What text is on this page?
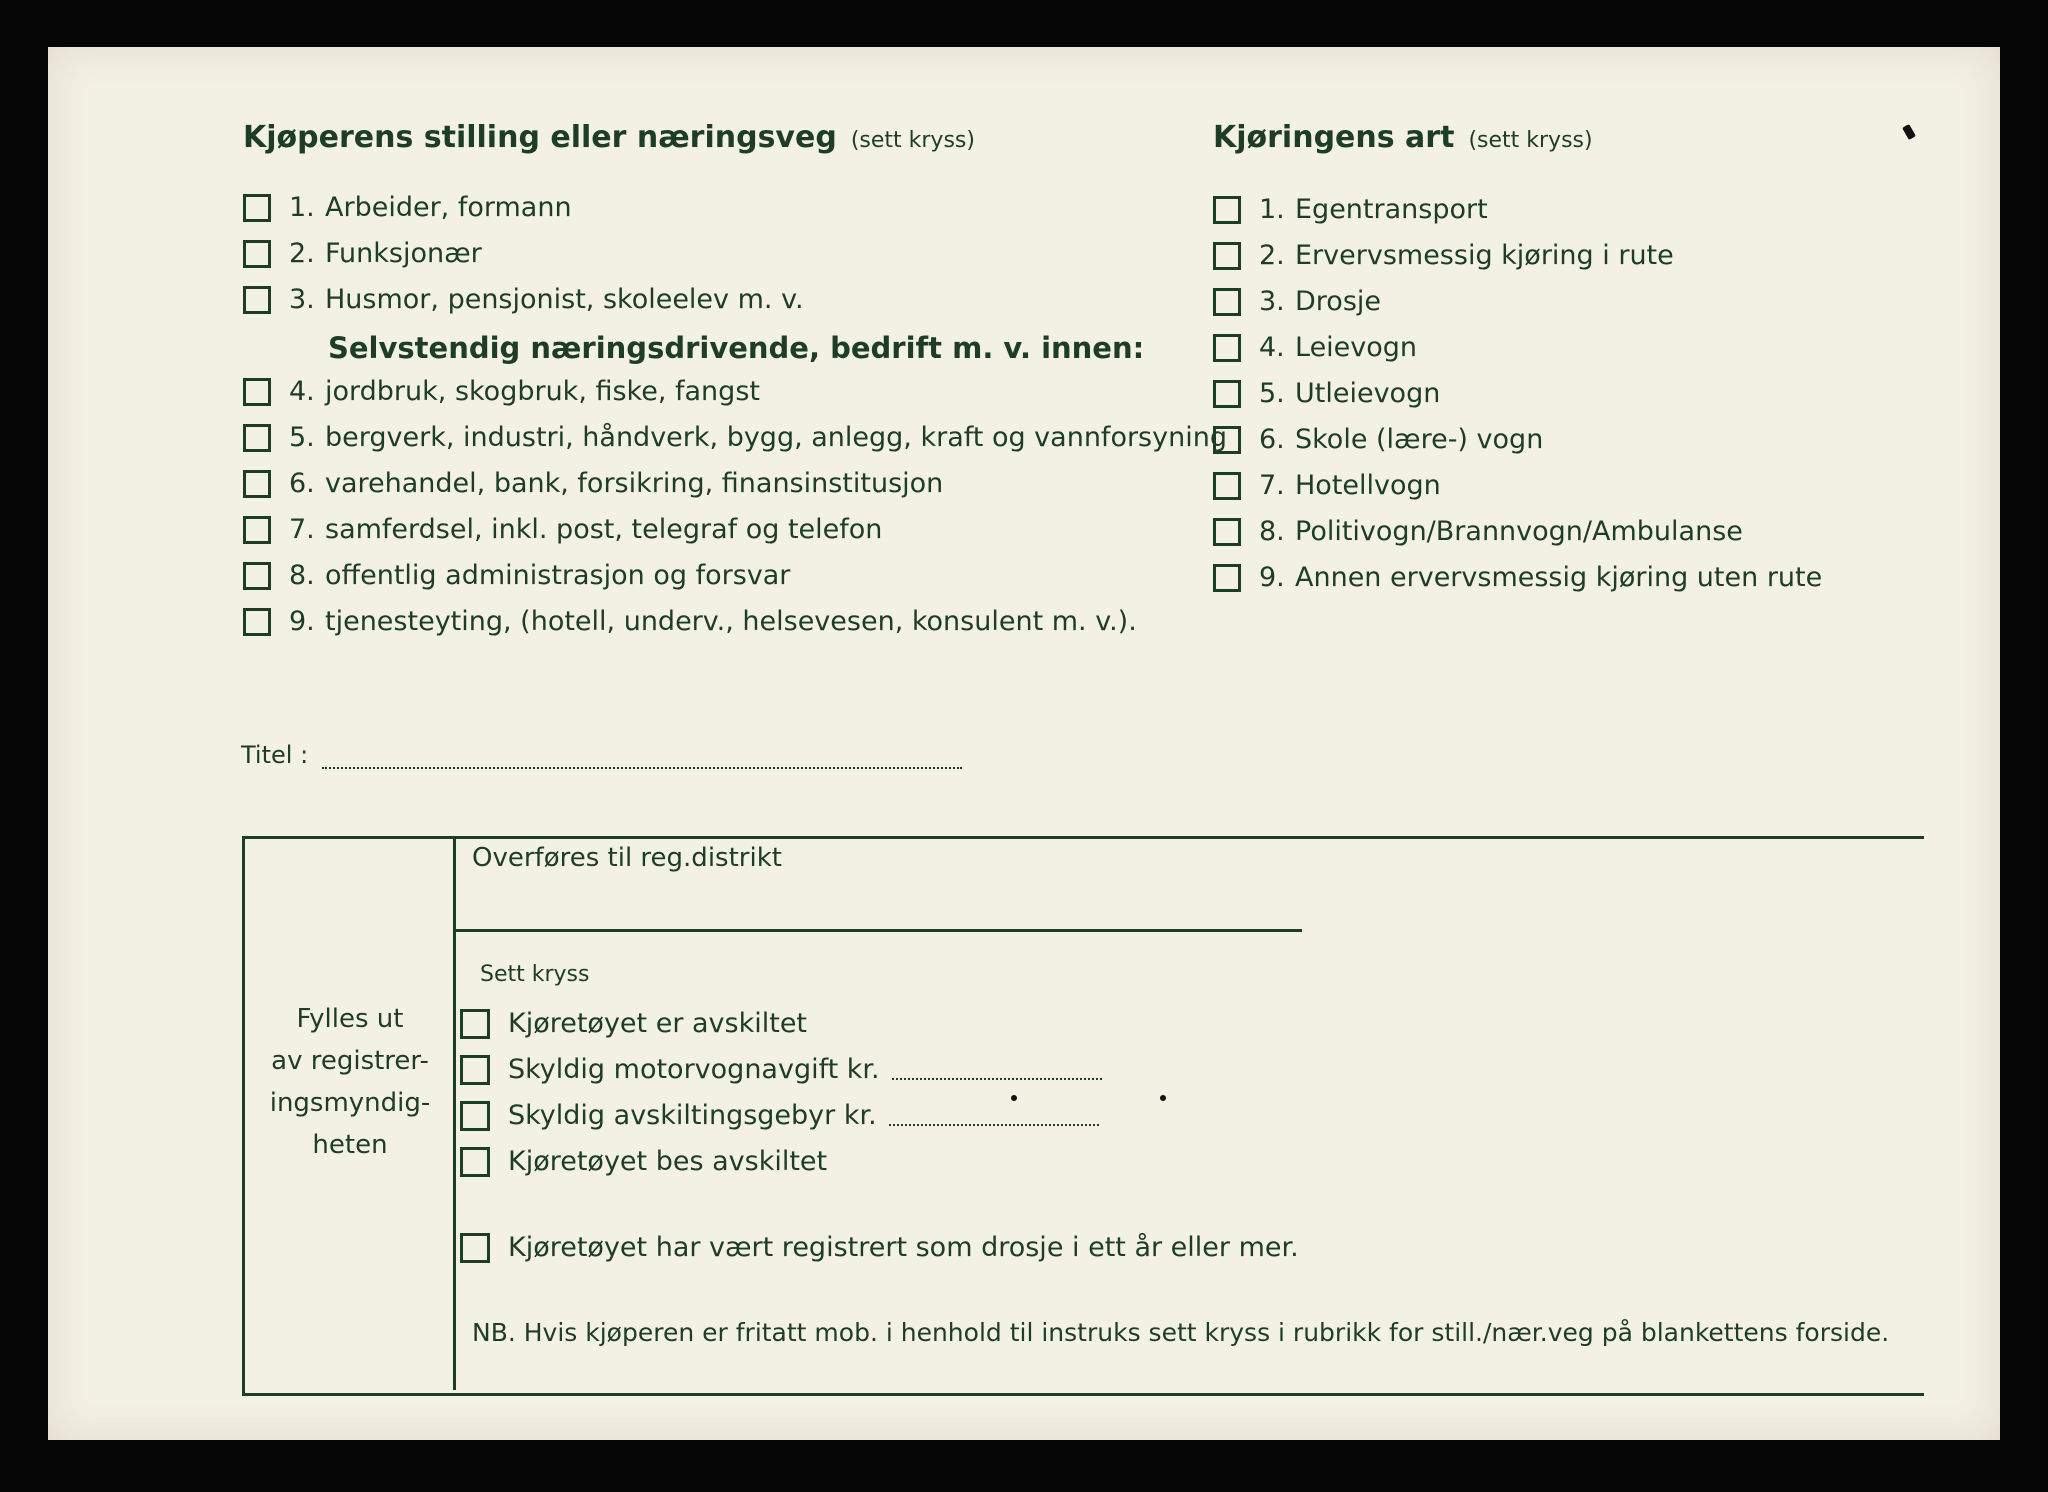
Kjøperens stilling eller næringsveg (sett kryss)
1. Arbeider, formann
2. Funksjonær
3. Husmor, pensjonist, skoleelev m. v.
Selvstendig næringsdrivende, bedrift m. v. innen:
4. jordbruk, skogbruk, fiske, fangst
5. bergverk, industri, håndverk, bygg, anlegg, kraft og vannforsyning
6. varehandel, bank, forsikring, finansinstitusjon
7. samferdsel, inkl. post, telegraf og telefon
8. offentlig administrasjon og forsvar
9. tjenesteyting, (hotell, underv., helsevesen, konsulent m. v.).
Kjøringens art (sett kryss)
1. Egentransport
2. Ervervsmessig kjøring i rute
3. Drosje
4. Leievogn
5. Utleievogn
6. Skole (lære-) vogn
7. Hotellvogn
8. Politivogn/Brannvogn/Ambulanse
9. Annen ervervsmessig kjøring uten rute
Titel :
Fylles ut
av registrer-
ingsmyndig-
heten
Overføres til reg.distrikt
Sett kryss
Kjøretøyet er avskiltet
Skyldig motorvognavgift kr.
Skyldig avskiltingsgebyr kr.
Kjøretøyet bes avskiltet
Kjøretøyet har vært registrert som drosje i ett år eller mer.
NB. Hvis kjøperen er fritatt mob. i henhold til instruks sett kryss i rubrikk for still./nær.veg på blankettens forside.
